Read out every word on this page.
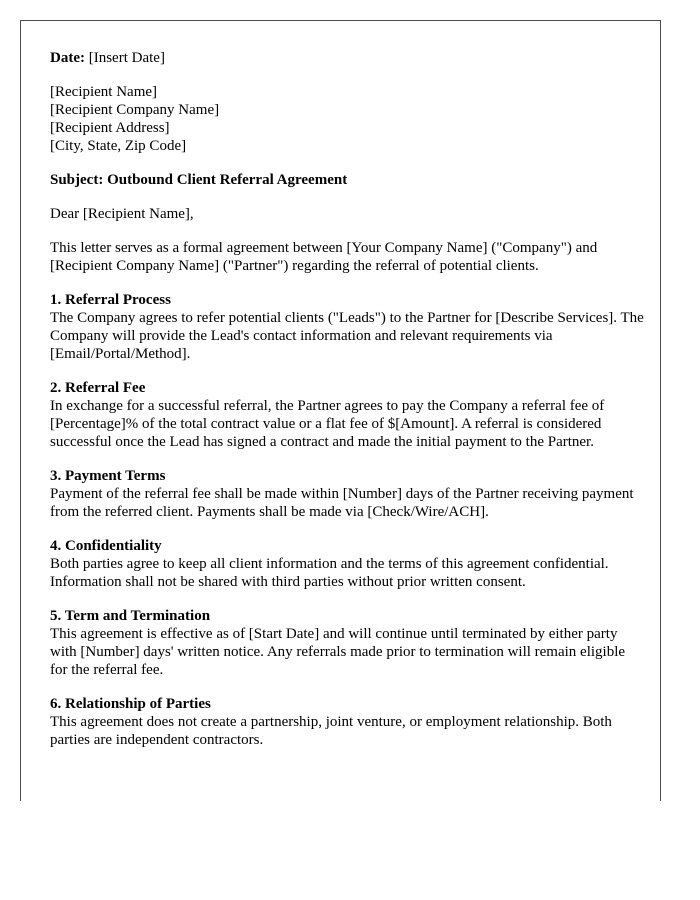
Date: [Insert Date]

[Recipient Name]
[Recipient Company Name]
[Recipient Address]
[City, State, Zip Code]

Subject: Outbound Client Referral Agreement

Dear [Recipient Name],

This letter serves as a formal agreement between [Your Company Name] ("Company") and [Recipient Company Name] ("Partner") regarding the referral of potential clients.

1. Referral Process
The Company agrees to refer potential clients ("Leads") to the Partner for [Describe Services]. The Company will provide the Lead's contact information and relevant requirements via [Email/Portal/Method].
2. Referral Fee
In exchange for a successful referral, the Partner agrees to pay the Company a referral fee of [Percentage]% of the total contract value or a flat fee of $[Amount]. A referral is considered successful once the Lead has signed a contract and made the initial payment to the Partner.
3. Payment Terms
Payment of the referral fee shall be made within [Number] days of the Partner receiving payment from the referred client. Payments shall be made via [Check/Wire/ACH].
4. Confidentiality
Both parties agree to keep all client information and the terms of this agreement confidential. Information shall not be shared with third parties without prior written consent.
5. Term and Termination
This agreement is effective as of [Start Date] and will continue until terminated by either party with [Number] days' written notice. Any referrals made prior to termination will remain eligible for the referral fee.
6. Relationship of Parties
This agreement does not create a partnership, joint venture, or employment relationship. Both parties are independent contractors.
